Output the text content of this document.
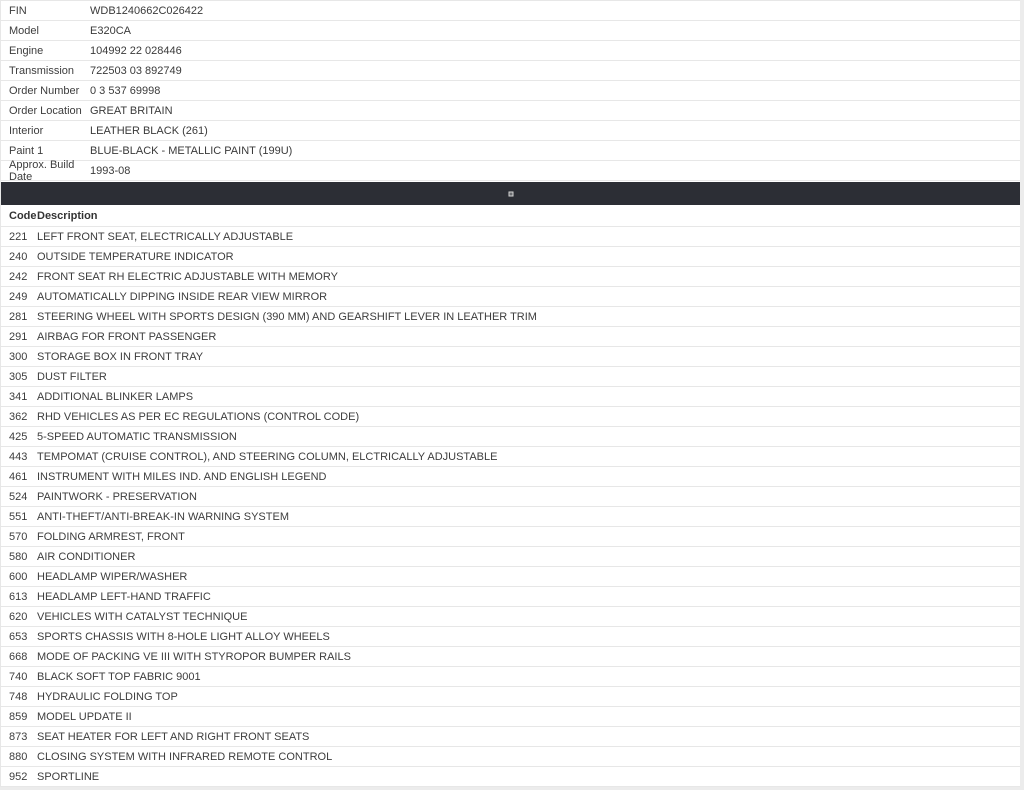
FIN	WDB1240662C026422
Model	E320CA
Engine	104992 22 028446
Transmission	722503 03 892749
Order Number 0 3 537 69998
Order Location GREAT BRITAIN
Interior	LEATHER BLACK (261)
Paint 1	BLUE-BLACK - METALLIC PAINT (199U)
Approx. Build Date	1993-08
Code Description
221 LEFT FRONT SEAT, ELECTRICALLY ADJUSTABLE
240 OUTSIDE TEMPERATURE INDICATOR
242 FRONT SEAT RH ELECTRIC ADJUSTABLE WITH MEMORY
249 AUTOMATICALLY DIPPING INSIDE REAR VIEW MIRROR
281 STEERING WHEEL WITH SPORTS DESIGN (390 MM) AND GEARSHIFT LEVER IN LEATHER TRIM
291 AIRBAG FOR FRONT PASSENGER
300 STORAGE BOX IN FRONT TRAY
305 DUST FILTER
341 ADDITIONAL BLINKER LAMPS
362 RHD VEHICLES AS PER EC REGULATIONS (CONTROL CODE)
425 5-SPEED AUTOMATIC TRANSMISSION
443 TEMPOMAT (CRUISE CONTROL), AND STEERING COLUMN, ELCTRICALLY ADJUSTABLE
461 INSTRUMENT WITH MILES IND. AND ENGLISH LEGEND
524 PAINTWORK - PRESERVATION
551 ANTI-THEFT/ANTI-BREAK-IN WARNING SYSTEM
570 FOLDING ARMREST, FRONT
580 AIR CONDITIONER
600 HEADLAMP WIPER/WASHER
613 HEADLAMP LEFT-HAND TRAFFIC
620 VEHICLES WITH CATALYST TECHNIQUE
653 SPORTS CHASSIS WITH 8-HOLE LIGHT ALLOY WHEELS
668 MODE OF PACKING VE III WITH STYROPOR BUMPER RAILS
740 BLACK SOFT TOP FABRIC 9001
748 HYDRAULIC FOLDING TOP
859 MODEL UPDATE II
873 SEAT HEATER FOR LEFT AND RIGHT FRONT SEATS
880 CLOSING SYSTEM WITH INFRARED REMOTE CONTROL
952 SPORTLINE
